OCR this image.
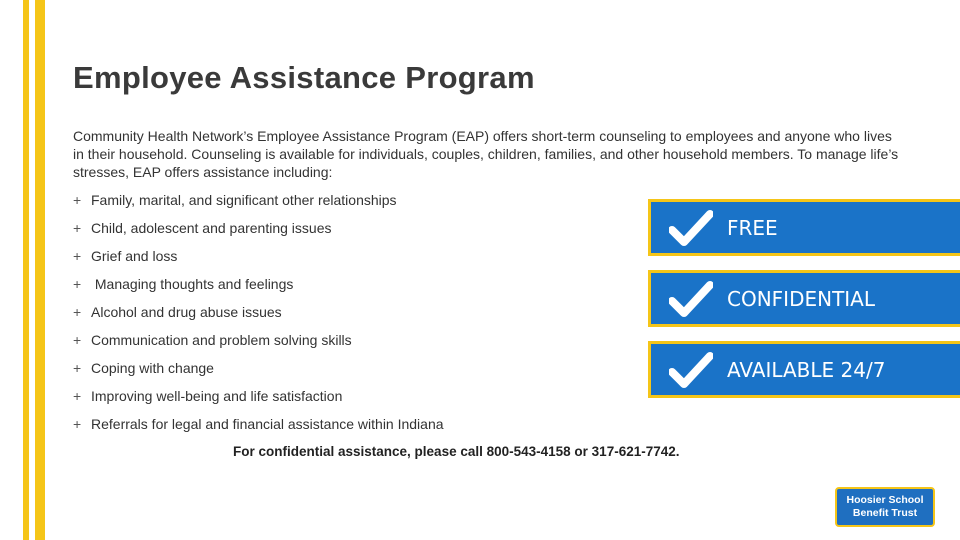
Employee Assistance Program

Community Health Network’s Employee Assistance Program (EAP) offers short-term counseling to employees and anyone who lives in their household. Counseling is available for individuals, couples, children, families, and other household members. To manage life’s stresses, EAP offers assistance including:

+ Family, marital, and significant other relationships
+ Child, adolescent and parenting issues
+ Grief and loss
+ Managing thoughts and feelings
+ Alcohol and drug abuse issues
+ Communication and problem solving skills
+ Coping with change
+ Improving well-being and life satisfaction
+ Referrals for legal and financial assistance within Indiana
FREE
CONFIDENTIAL
AVAILABLE 24/7

For confidential assistance, please call 800-543-4158 or 317-621-7742.

Hoosier School
Benefit Trust
